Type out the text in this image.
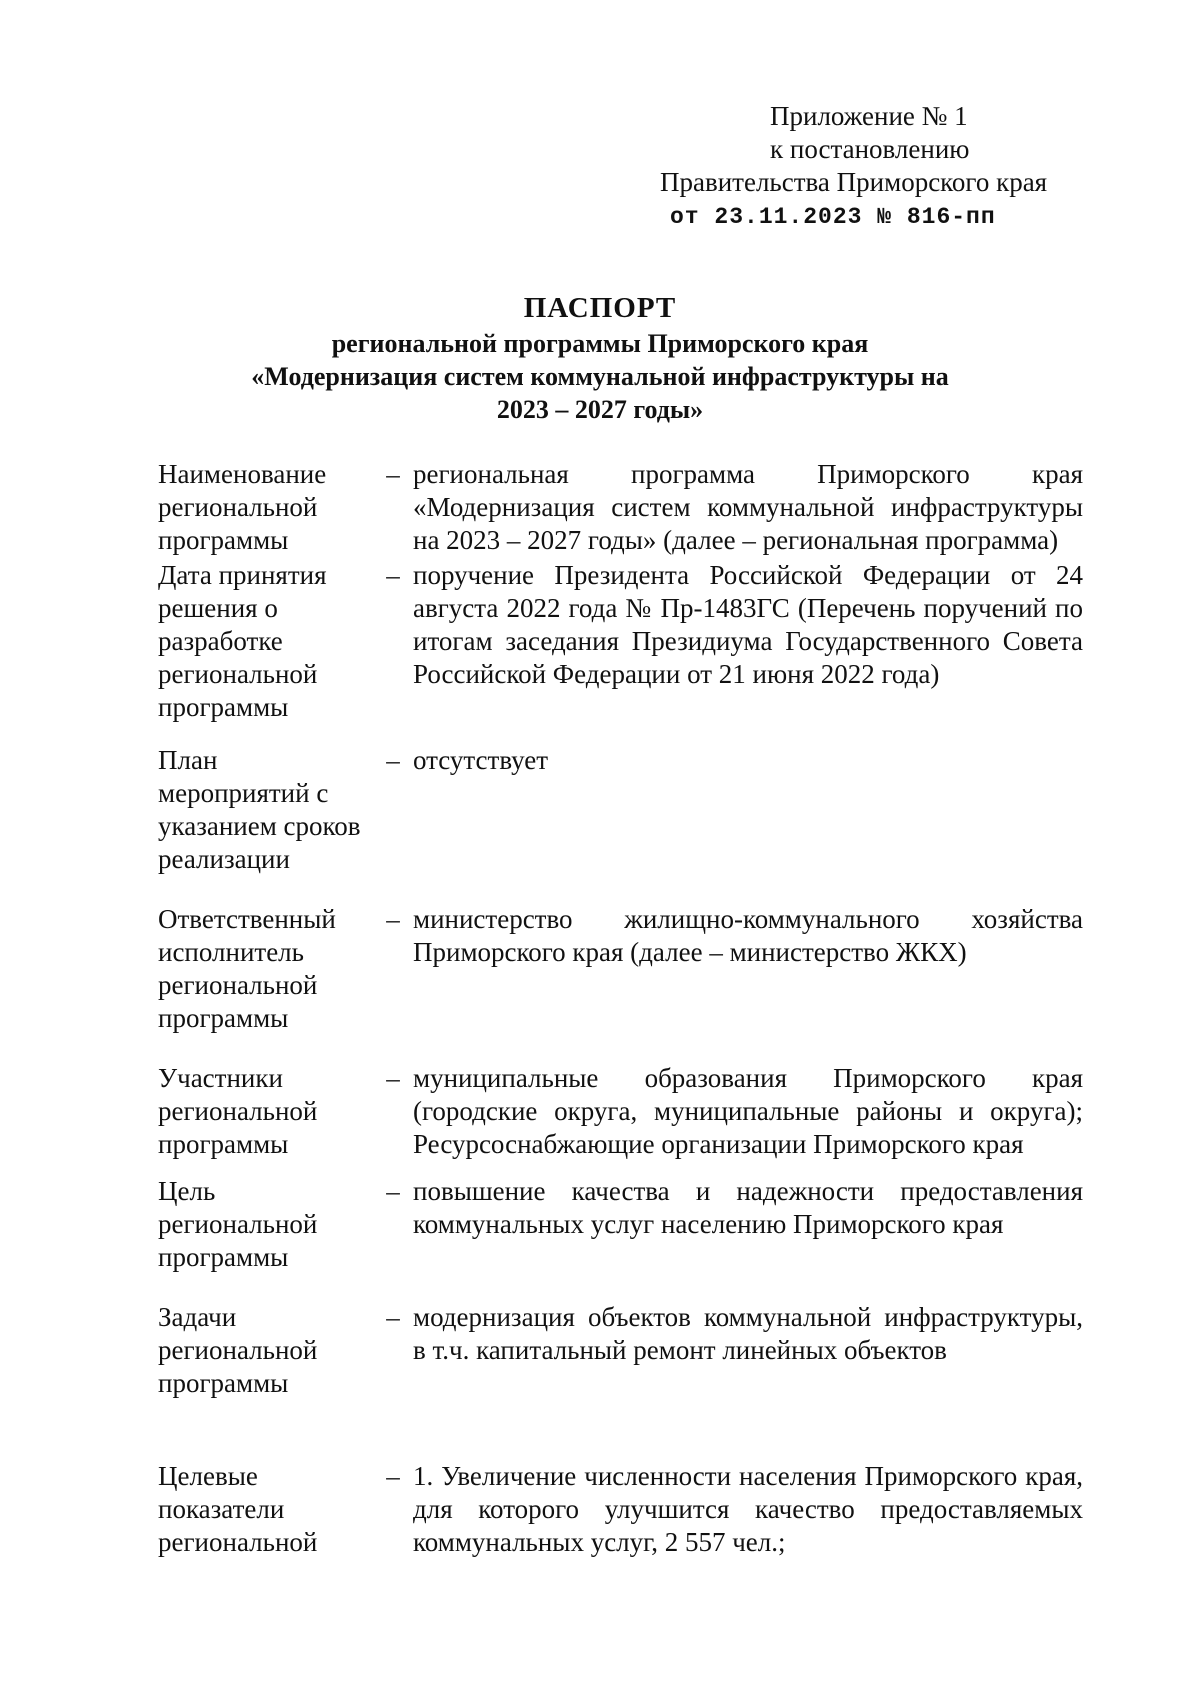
Приложение № 1
к постановлению
Правительства Приморского края
от 23.11.2023 № 816-пп
ПАСПОРТ
региональной программы Приморского края
«Модернизация систем коммунальной инфраструктуры на
2023 – 2027 годы»
Наименование региональной программы
– региональная программа Приморского края «Модернизация систем коммунальной инфраструктуры на 2023 – 2027 годы» (далее – региональная программа)
Дата принятия решения о разработке региональной программы
– поручение Президента Российской Федерации от 24 августа 2022 года № Пр-1483ГС (Перечень поручений по итогам заседания Президиума Государственного Совета Российской Федерации от 21 июня 2022 года)
План мероприятий с указанием сроков реализации
– отсутствует
Ответственный исполнитель региональной программы
– министерство жилищно-коммунального хозяйства Приморского края (далее – министерство ЖКХ)
Участники региональной программы
– муниципальные образования Приморского края (городские округа, муниципальные районы и округа); Ресурсоснабжающие организации Приморского края
Цель региональной программы
– повышение качества и надежности предоставления коммунальных услуг населению Приморского края
Задачи региональной программы
– модернизация объектов коммунальной инфраструктуры, в т.ч. капитальный ремонт линейных объектов
Целевые показатели региональной
– 1. Увеличение численности населения Приморского края, для которого улучшится качество предоставляемых коммунальных услуг, 2 557 чел.;
